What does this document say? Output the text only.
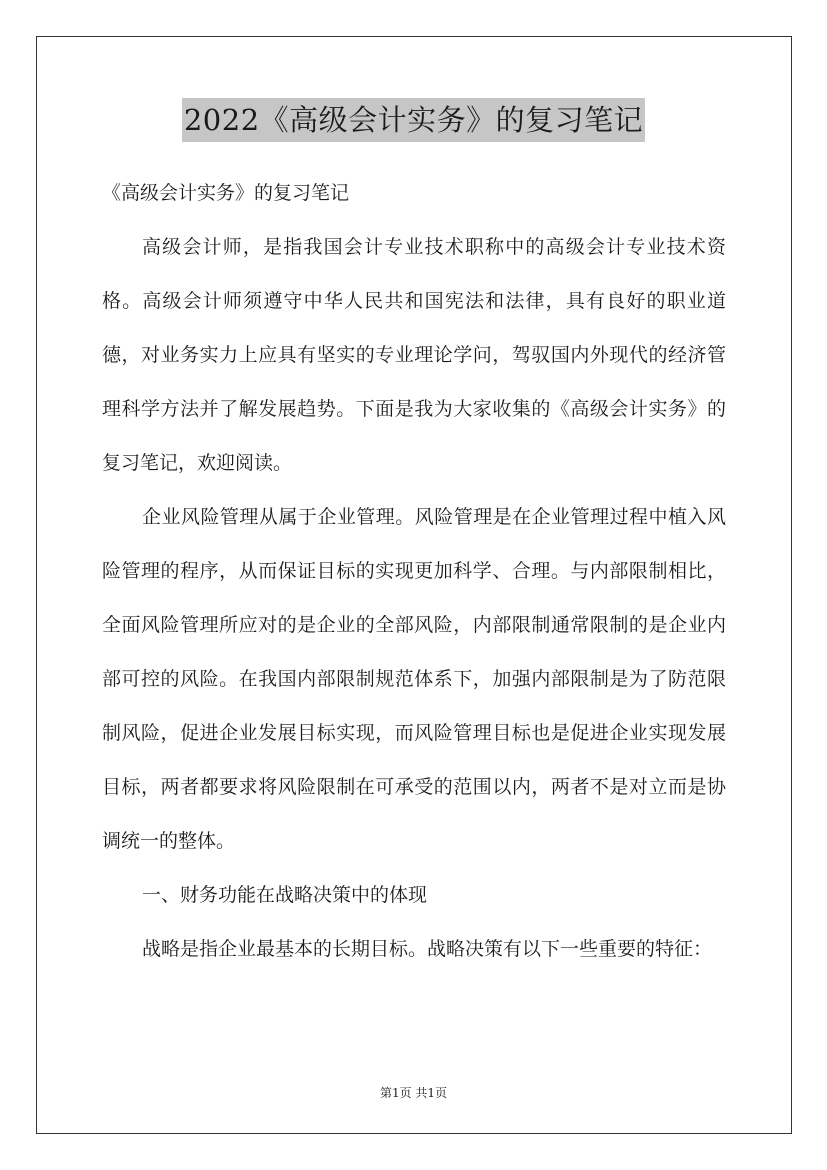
2022《高级会计实务》的复习笔记

《高级会计实务》的复习笔记

高级会计师，是指我国会计专业技术职称中的高级会计专业技术资格。高级会计师须遵守中华人民共和国宪法和法律，具有良好的职业道德，对业务实力上应具有坚实的专业理论学问，驾驭国内外现代的经济管理科学方法并了解发展趋势。下面是我为大家收集的《高级会计实务》的复习笔记，欢迎阅读。

企业风险管理从属于企业管理。风险管理是在企业管理过程中植入风险管理的程序，从而保证目标的实现更加科学、合理。与内部限制相比，全面风险管理所应对的是企业的全部风险，内部限制通常限制的是企业内部可控的风险。在我国内部限制规范体系下，加强内部限制是为了防范限制风险，促进企业发展目标实现，而风险管理目标也是促进企业实现发展目标，两者都要求将风险限制在可承受的范围以内，两者不是对立而是协调统一的整体。

一、财务功能在战略决策中的体现

战略是指企业最基本的长期目标。战略决策有以下一些重要的特征：

第1页 共1页
